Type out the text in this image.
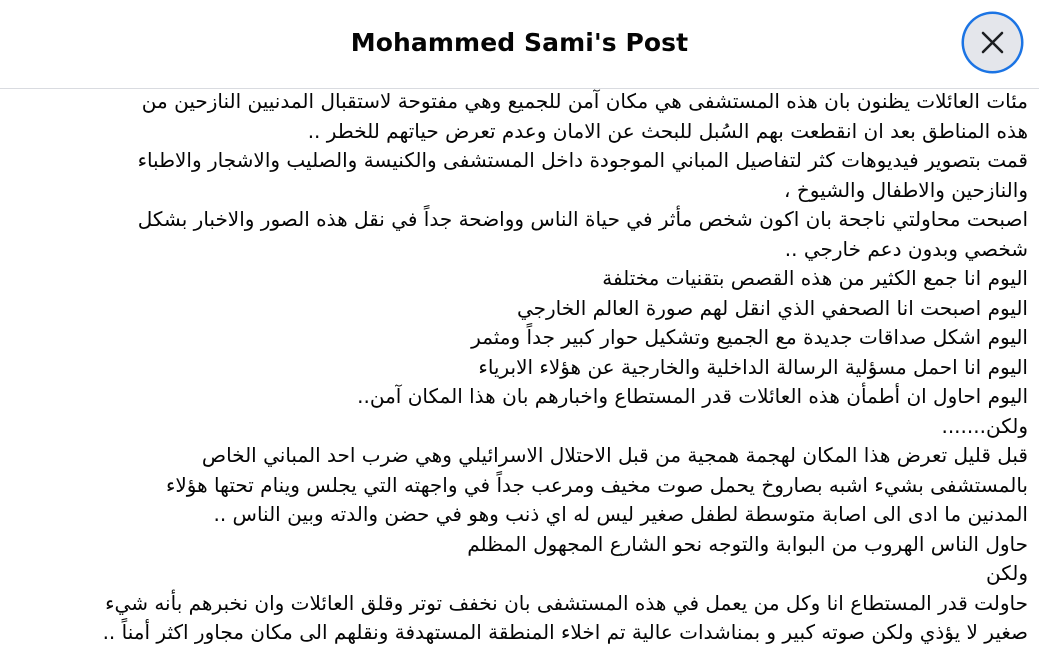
Mohammed Sami's Post
مئات العائلات يظنون بان هذه المستشفى هي مكان آمن للجميع وهي مفتوحة لاستقبال المدنيين النازحين من
هذه المناطق بعد ان انقطعت بهم السُبل للبحث عن الامان وعدم تعرض حياتهم للخطر ..
قمت بتصوير فيديوهات كثر لتفاصيل المباني الموجودة داخل المستشفى والكنيسة والصليب والاشجار والاطباء
والنازحين والاطفال والشيوخ ،
اصبحت محاولتي ناجحة بان اكون شخص مأثر في حياة الناس وواضحة جداً في نقل هذه الصور والاخبار بشكل
شخصي وبدون دعم خارجي ..
اليوم انا جمع الكثير من هذه القصص بتقنيات مختلفة
اليوم اصبحت انا الصحفي الذي انقل لهم صورة العالم الخارجي
اليوم اشكل صداقات جديدة مع الجميع وتشكيل حوار كبير جداً ومثمر
اليوم انا احمل مسؤلية الرسالة الداخلية والخارجية عن هؤلاء الابرياء
اليوم احاول ان أطمأن هذه العائلات قدر المستطاع واخبارهم بان هذا المكان آمن..
ولكن.......
قبل قليل تعرض هذا المكان لهجمة همجية من قبل الاحتلال الاسرائيلي وهي ضرب احد المباني الخاص
بالمستشفى بشيء اشبه بصاروخ يحمل صوت مخيف ومرعب جداً في واجهته التي يجلس وينام تحتها هؤلاء
المدنين ما ادى الى اصابة متوسطة لطفل صغير ليس له اي ذنب وهو في حضن والدته وبين الناس ..
حاول الناس الهروب من البوابة والتوجه نحو الشارع المجهول المظلم
ولكن
حاولت قدر المستطاع انا وكل من يعمل في هذه المستشفى بان نخفف توتر وقلق العائلات وان نخبرهم بأنه شيء
صغير لا يؤذي ولكن صوته كبير و بمناشدات عالية تم اخلاء المنطقة المستهدفة ونقلهم الى مكان مجاور اكثر أمناً ..
